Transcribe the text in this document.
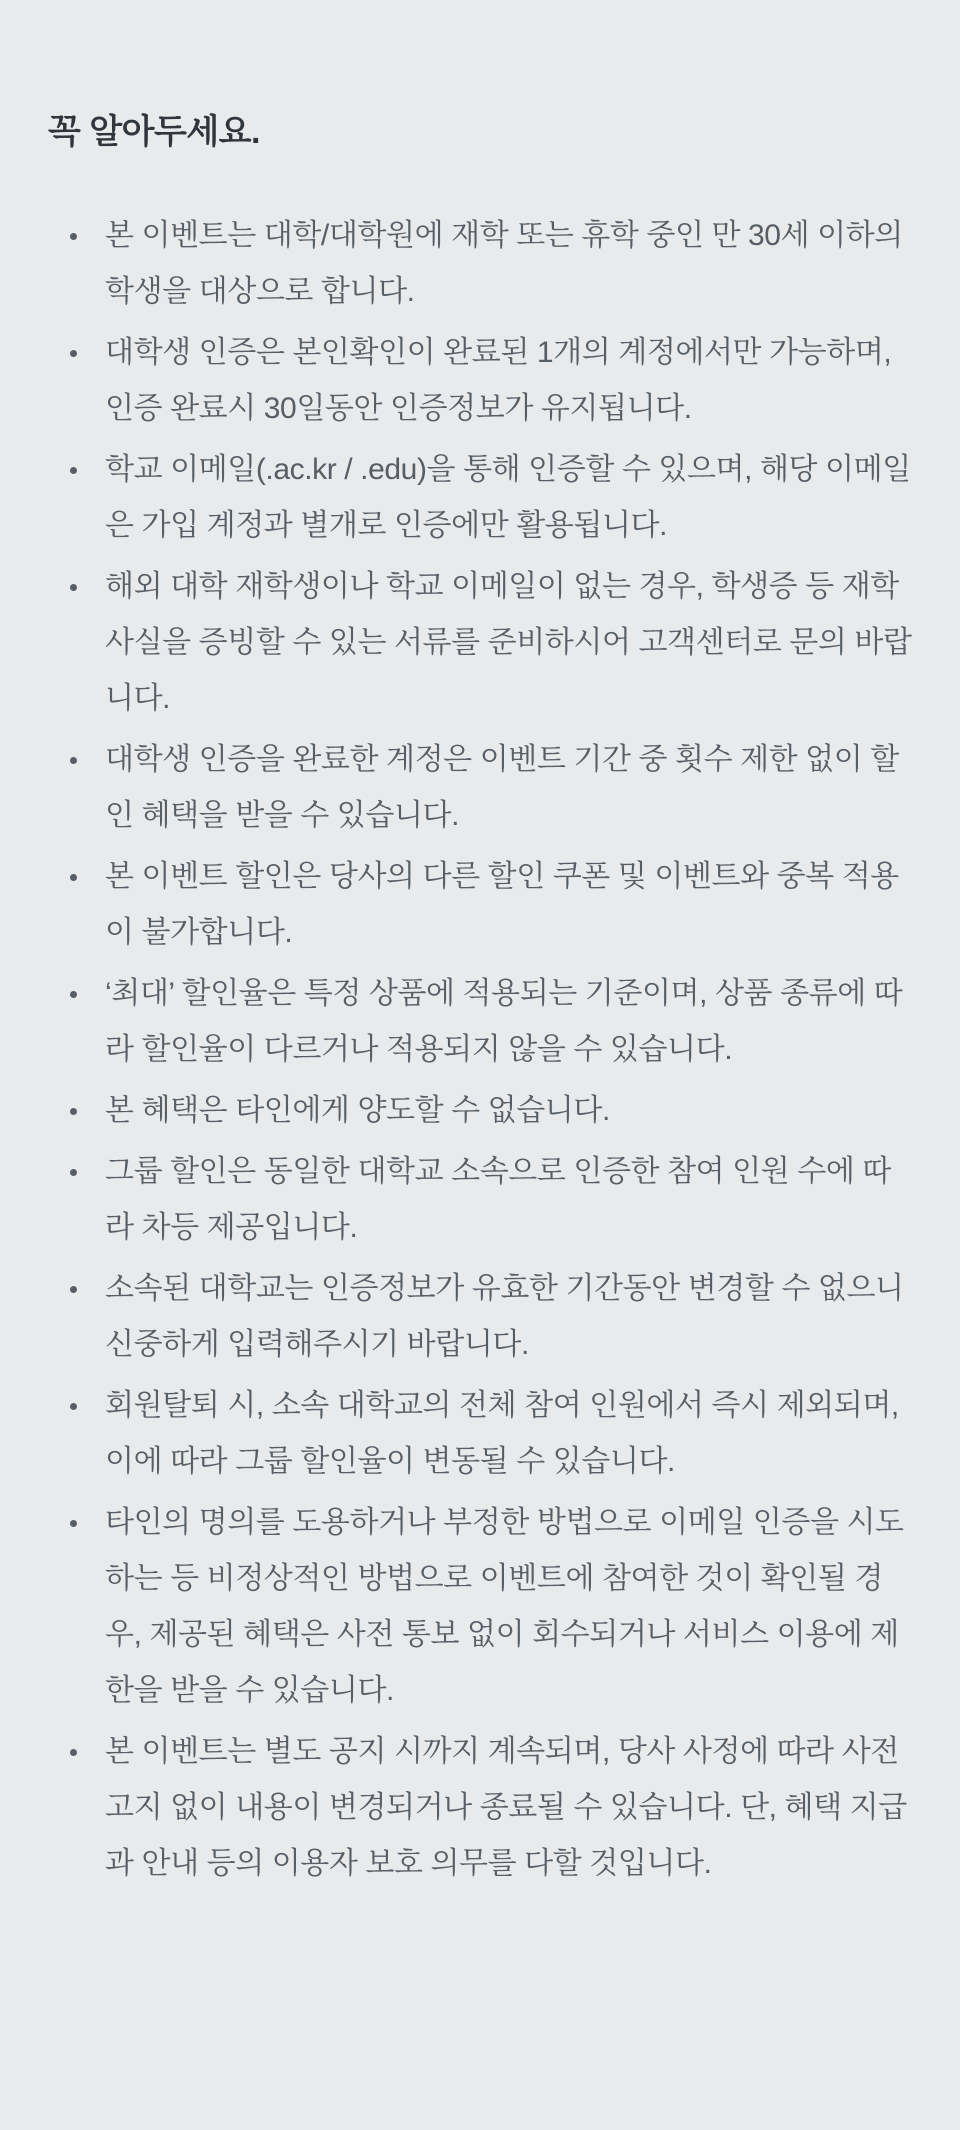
꼭 알아두세요.
본 이벤트는 대학/대학원에 재학 또는 휴학 중인 만 30세 이하의 학생을 대상으로 합니다.
대학생 인증은 본인확인이 완료된 1개의 계정에서만 가능하며, 인증 완료시 30일동안 인증정보가 유지됩니다.
학교 이메일(.ac.kr / .edu)을 통해 인증할 수 있으며, 해당 이메일은 가입 계정과 별개로 인증에만 활용됩니다.
해외 대학 재학생이나 학교 이메일이 없는 경우, 학생증 등 재학 사실을 증빙할 수 있는 서류를 준비하시어 고객센터로 문의 바랍니다.
대학생 인증을 완료한 계정은 이벤트 기간 중 횟수 제한 없이 할인 혜택을 받을 수 있습니다.
본 이벤트 할인은 당사의 다른 할인 쿠폰 및 이벤트와 중복 적용이 불가합니다.
‘최대’ 할인율은 특정 상품에 적용되는 기준이며, 상품 종류에 따라 할인율이 다르거나 적용되지 않을 수 있습니다.
본 혜택은 타인에게 양도할 수 없습니다.
그룹 할인은 동일한 대학교 소속으로 인증한 참여 인원 수에 따라 차등 제공입니다.
소속된 대학교는 인증정보가 유효한 기간동안 변경할 수 없으니 신중하게 입력해주시기 바랍니다.
회원탈퇴 시, 소속 대학교의 전체 참여 인원에서 즉시 제외되며, 이에 따라 그룹 할인율이 변동될 수 있습니다.
타인의 명의를 도용하거나 부정한 방법으로 이메일 인증을 시도하는 등 비정상적인 방법으로 이벤트에 참여한 것이 확인될 경우, 제공된 혜택은 사전 통보 없이 회수되거나 서비스 이용에 제한을 받을 수 있습니다.
본 이벤트는 별도 공지 시까지 계속되며, 당사 사정에 따라 사전 고지 없이 내용이 변경되거나 종료될 수 있습니다. 단, 혜택 지급과 안내 등의 이용자 보호 의무를 다할 것입니다.
